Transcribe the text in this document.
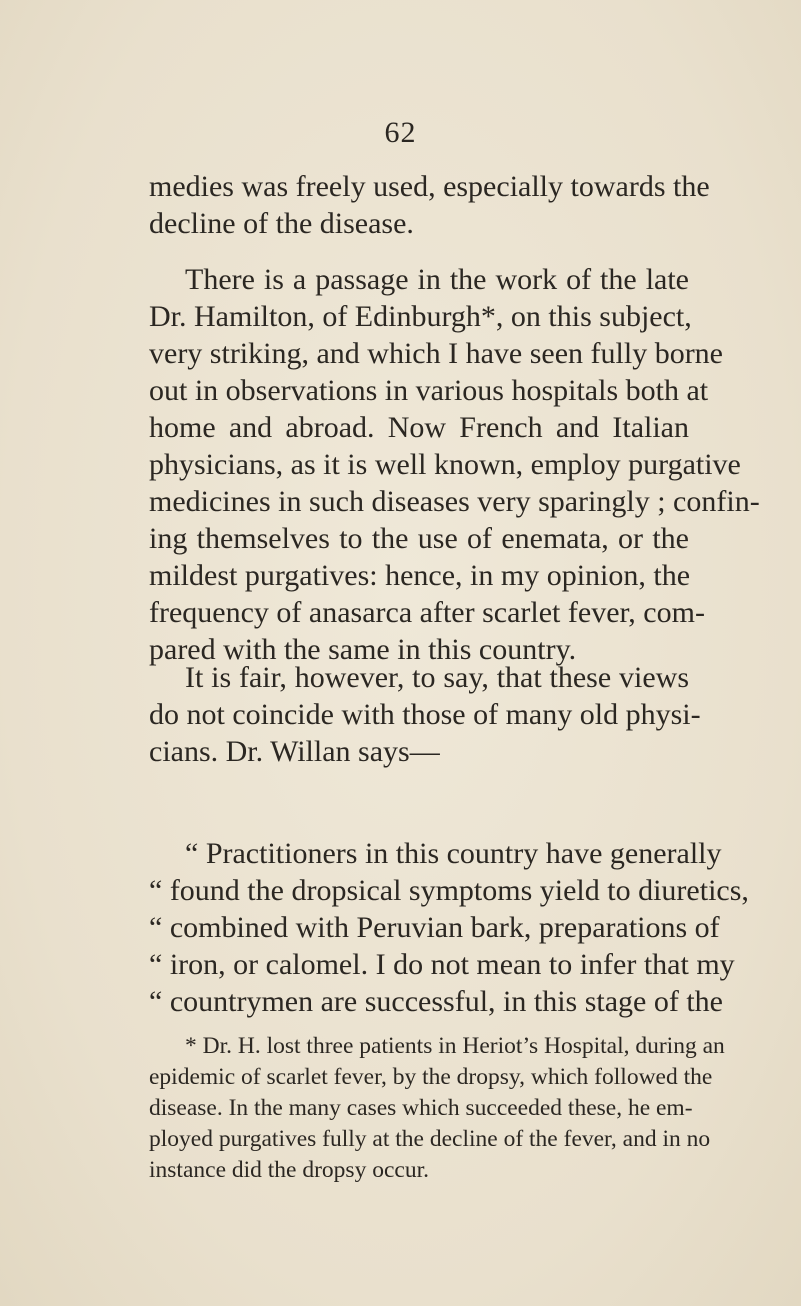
62
medies was freely used, especially towards the
decline of the disease.
There is a passage in the work of the late
Dr. Hamilton, of Edinburgh*, on this subject,
very striking, and which I have seen fully borne
out in observations in various hospitals both at
home and abroad. Now French and Italian
physicians, as it is well known, employ purgative
medicines in such diseases very sparingly ; confin-
ing themselves to the use of enemata, or the
mildest purgatives: hence, in my opinion, the
frequency of anasarca after scarlet fever, com-
pared with the same in this country.
It is fair, however, to say, that these views
do not coincide with those of many old physi-
cians. Dr. Willan says—
“ Practitioners in this country have generally
“ found the dropsical symptoms yield to diuretics,
“ combined with Peruvian bark, preparations of
“ iron, or calomel. I do not mean to infer that my
“ countrymen are successful, in this stage of the
* Dr. H. lost three patients in Heriot’s Hospital, during an
epidemic of scarlet fever, by the dropsy, which followed the
disease. In the many cases which succeeded these, he em-
ployed purgatives fully at the decline of the fever, and in no
instance did the dropsy occur.
